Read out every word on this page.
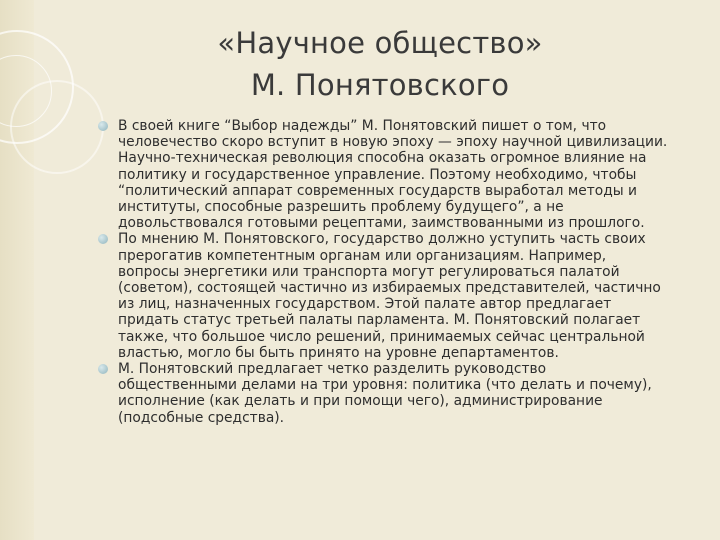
«Научное общество»
М. Понятовского
В своей книге “Выбор надежды” М. Понятовский пишет о том, что
человечество скоро вступит в новую эпоху — эпоху научной цивилизации.
Научно-техническая революция способна оказать огромное влияние на
политику и государственное управление. Поэтому необходимо, чтобы
“политический аппарат современных государств выработал методы и
институты, способные разрешить проблему будущего”, а не
довольствовался готовыми рецептами, заимствованными из прошлого.
По мнению М. Понятовского, государство должно уступить часть своих
прерогатив компетентным органам или организациям. Например,
вопросы энергетики или транспорта могут регулироваться палатой
(советом), состоящей частично из избираемых представителей, частично
из лиц, назначенных государством. Этой палате автор предлагает
придать статус третьей палаты парламента. М. Понятовский полагает
также, что большое число решений, принимаемых сейчас центральной
властью, могло бы быть принято на уровне департаментов.
М. Понятовский предлагает четко разделить руководство
общественными делами на три уровня: политика (что делать и почему),
исполнение (как делать и при помощи чего), администрирование
(подсобные средства).
